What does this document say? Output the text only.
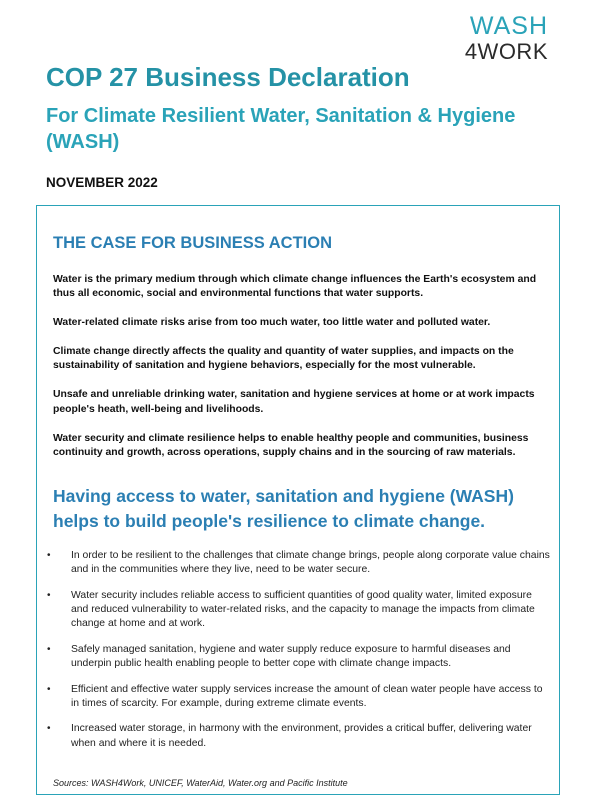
WASH
4WORK
COP 27 Business Declaration
For Climate Resilient Water, Sanitation & Hygiene (WASH)

NOVEMBER 2022

THE CASE FOR BUSINESS ACTION

Water is the primary medium through which climate change influences the Earth's ecosystem and thus all economic, social and environmental functions that water supports.

Water-related climate risks arise from too much water, too little water and polluted water.

Climate change directly affects the quality and quantity of water supplies, and impacts on the sustainability of sanitation and hygiene behaviors, especially for the most vulnerable.

Unsafe and unreliable drinking water, sanitation and hygiene services at home or at work impacts people's heath, well-being and livelihoods.

Water security and climate resilience helps to enable healthy people and communities, business continuity and growth, across operations, supply chains and in the sourcing of raw materials.

Having access to water, sanitation and hygiene (WASH) helps to build people's resilience to climate change.
• In order to be resilient to the challenges that climate change brings, people along corporate value chains and in the communities where they live, need to be water secure.
• Water security includes reliable access to sufficient quantities of good quality water, limited exposure and reduced vulnerability to water-related risks, and the capacity to manage the impacts from climate change at home and at work.
• Safely managed sanitation, hygiene and water supply reduce exposure to harmful diseases and underpin public health enabling people to better cope with climate change impacts.
• Efficient and effective water supply services increase the amount of clean water people have access to in times of scarcity. For example, during extreme climate events.
• Increased water storage, in harmony with the environment, provides a critical buffer, delivering water when and where it is needed.

Sources: WASH4Work, UNICEF, WaterAid, Water.org and Pacific Institute
